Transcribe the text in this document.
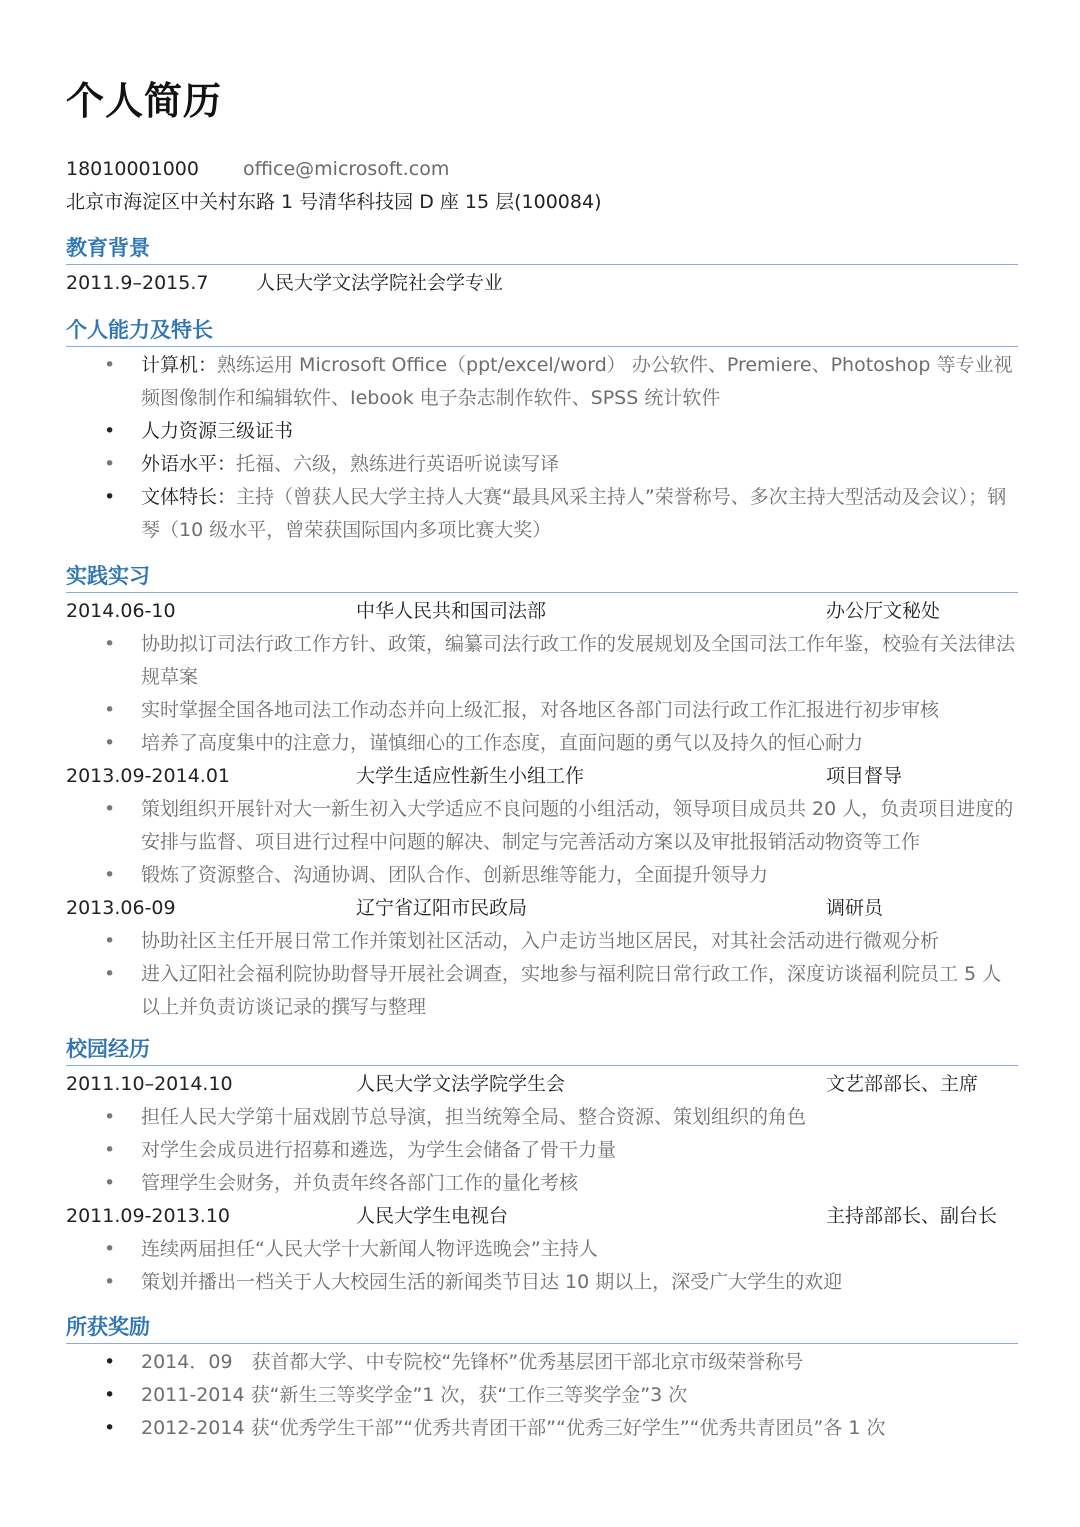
个人简历
18010001000 office@microsoft.com
北京市海淀区中关村东路 1 号清华科技园 D 座 15 层(100084)
教育背景
2011.9–2015.7	人民大学文法学院社会学专业
个人能力及特长
• 计算机：熟练运用 Microsoft Office（ppt/excel/word） 办公软件、Premiere、Photoshop 等专业视频图像制作和编辑软件、Iebook 电子杂志制作软件、SPSS 统计软件
• 人力资源三级证书
• 外语水平：托福、六级，熟练进行英语听说读写译
• 文体特长：主持（曾获人民大学主持人大赛“最具风采主持人”荣誉称号、多次主持大型活动及会议）；钢琴（10 级水平，曾荣获国际国内多项比赛大奖）
实践实习
2014.06-10	中华人民共和国司法部	办公厅文秘处
• 协助拟订司法行政工作方针、政策，编纂司法行政工作的发展规划及全国司法工作年鉴，校验有关法律法规草案
• 实时掌握全国各地司法工作动态并向上级汇报，对各地区各部门司法行政工作汇报进行初步审核
• 培养了高度集中的注意力，谨慎细心的工作态度，直面问题的勇气以及持久的恒心耐力
2013.09-2014.01	大学生适应性新生小组工作	项目督导
• 策划组织开展针对大一新生初入大学适应不良问题的小组活动，领导项目成员共 20 人，负责项目进度的安排与监督、项目进行过程中问题的解决、制定与完善活动方案以及审批报销活动物资等工作
• 锻炼了资源整合、沟通协调、团队合作、创新思维等能力，全面提升领导力
2013.06-09	辽宁省辽阳市民政局	调研员
• 协助社区主任开展日常工作并策划社区活动，入户走访当地区居民，对其社会活动进行微观分析
• 进入辽阳社会福利院协助督导开展社会调查，实地参与福利院日常行政工作，深度访谈福利院员工 5 人以上并负责访谈记录的撰写与整理
校园经历
2011.10–2014.10	人民大学文法学院学生会	文艺部部长、主席
• 担任人民大学第十届戏剧节总导演，担当统筹全局、整合资源、策划组织的角色
• 对学生会成员进行招募和遴选，为学生会储备了骨干力量
• 管理学生会财务，并负责年终各部门工作的量化考核
2011.09-2013.10	人民大学生电视台	主持部部长、副台长
• 连续两届担任“人民大学十大新闻人物评选晚会”主持人
• 策划并播出一档关于人大校园生活的新闻类节目达 10 期以上，深受广大学生的欢迎
所获奖励
• 2014．09　获首都大学、中专院校“先锋杯”优秀基层团干部北京市级荣誉称号
• 2011-2014 获“新生三等奖学金”1 次，获“工作三等奖学金”3 次
• 2012-2014 获“优秀学生干部”“优秀共青团干部”“优秀三好学生”“优秀共青团员”各 1 次
